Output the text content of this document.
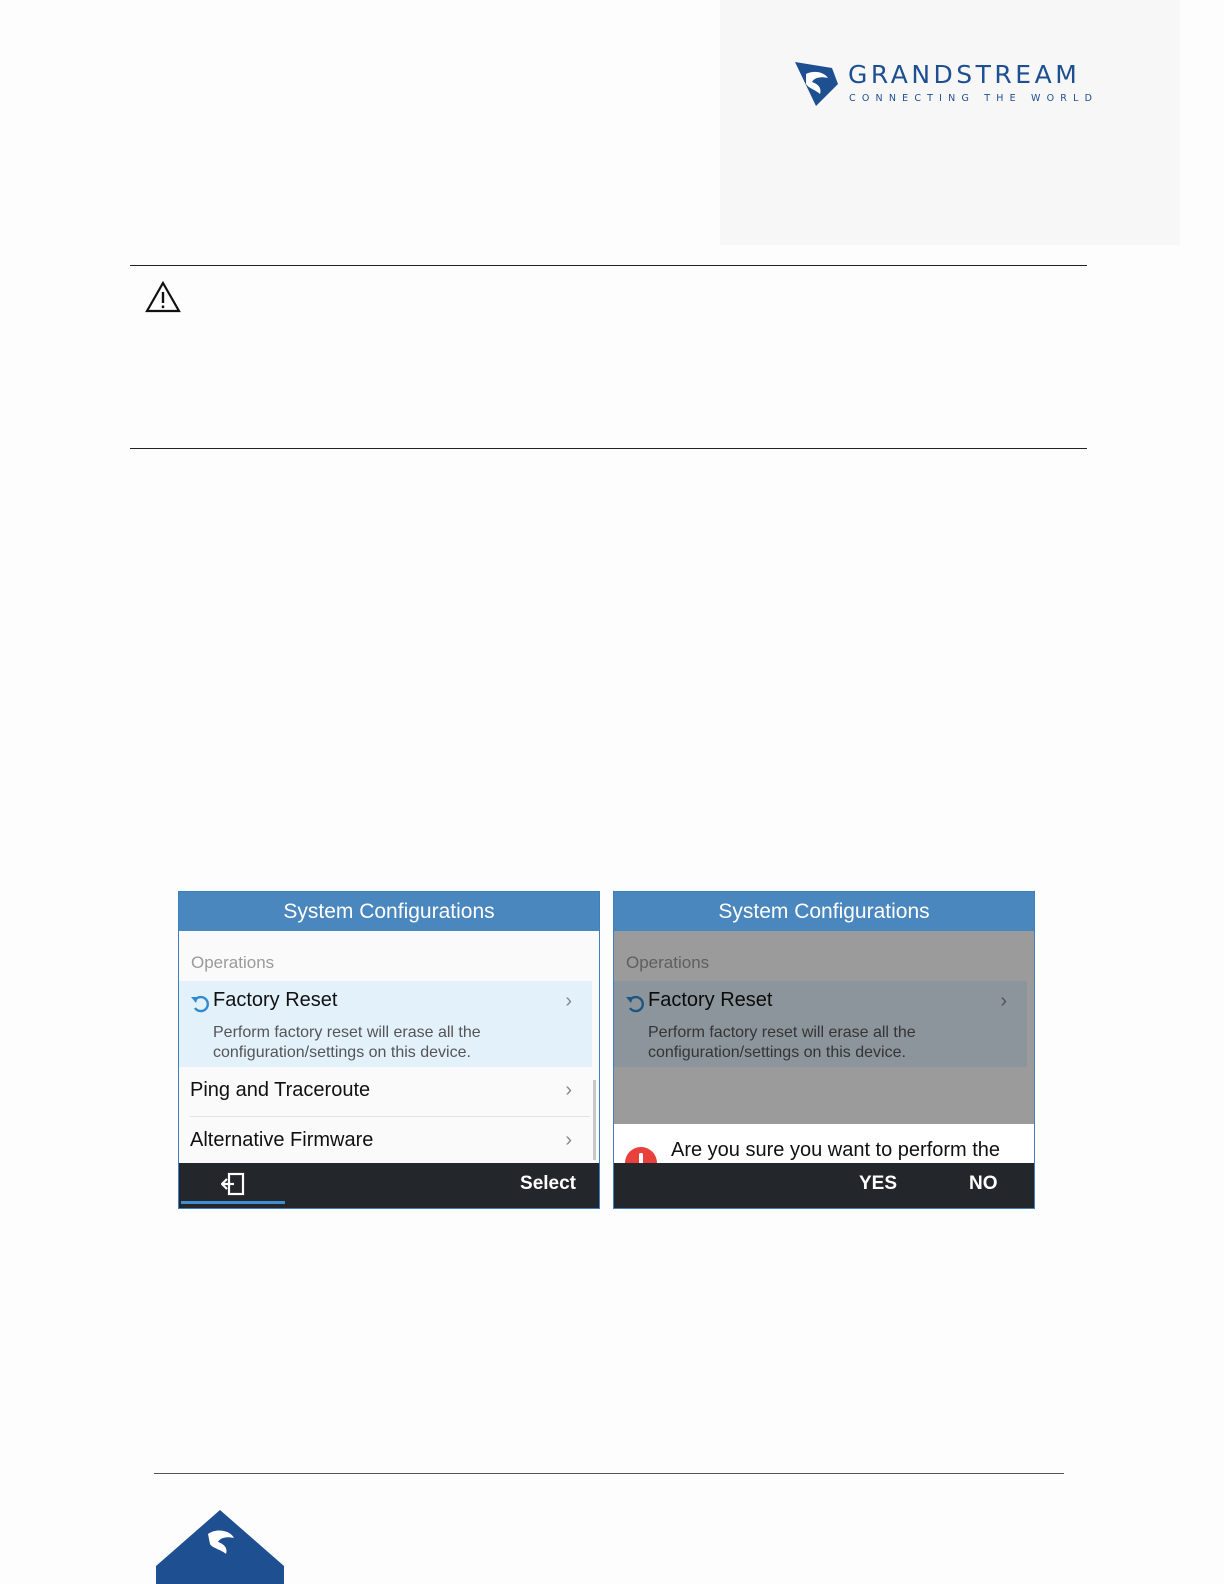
GRANDSTREAM
CONNECTING THE WORLD
System Configurations
Operations
Factory Reset	›
Perform factory reset will erase all the configuration/settings on this device.
Ping and Traceroute	›
Alternative Firmware	›
Select
System Configurations
Operations
Factory Reset	›
Perform factory reset will erase all the configuration/settings on this device.
Are you sure you want to perform the
YES	NO
